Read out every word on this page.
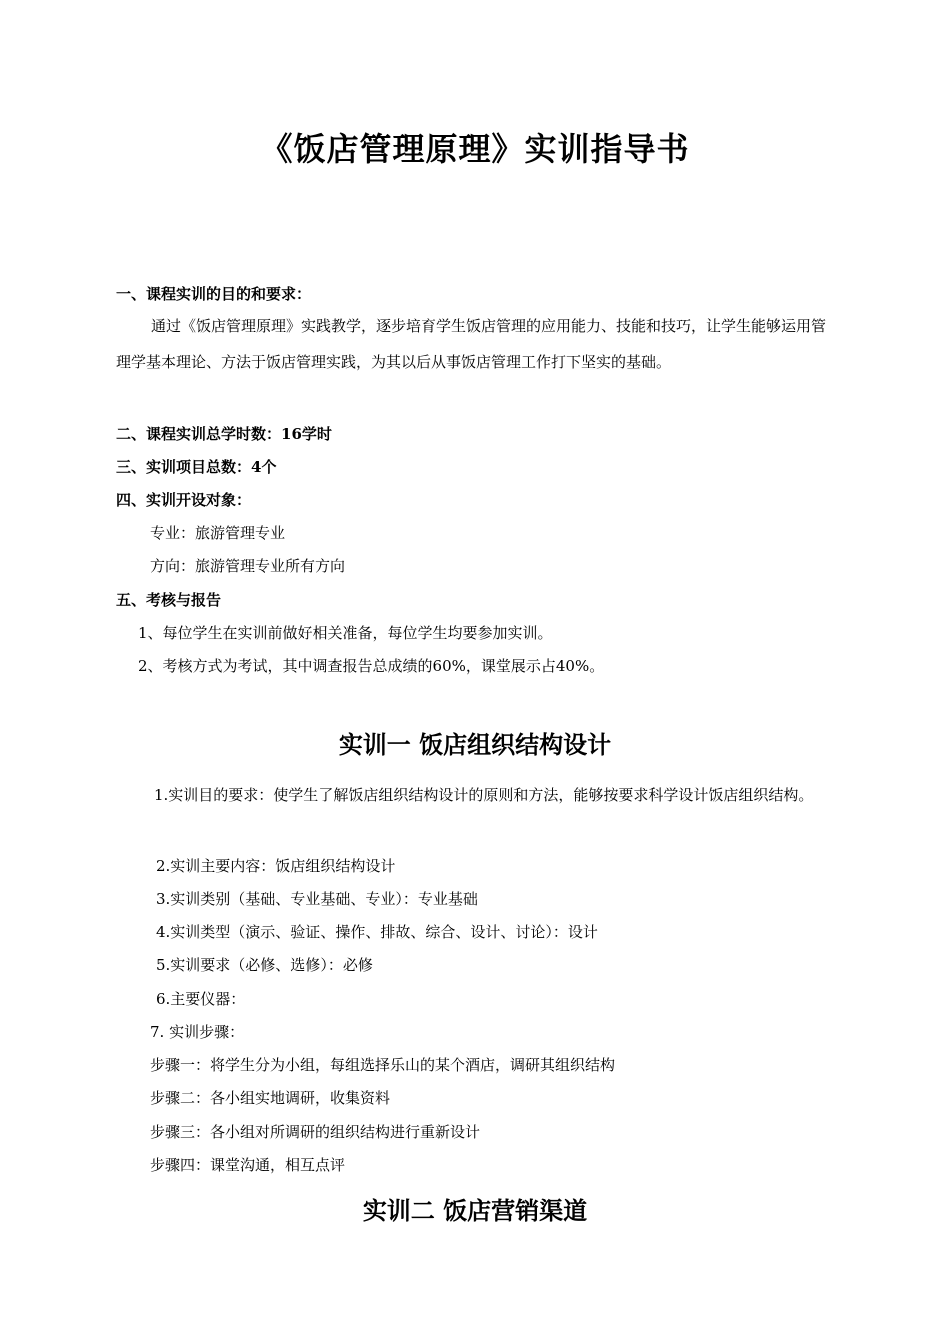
《饭店管理原理》实训指导书
一、课程实训的目的和要求：
通过《饭店管理原理》实践教学，逐步培育学生饭店管理的应用能力、技能和技巧，让学生能够运用管理学基本理论、方法于饭店管理实践，为其以后从事饭店管理工作打下坚实的基础。
二、课程实训总学时数：16学时
三、实训项目总数：4个
四、实训开设对象：
专业：旅游管理专业
方向：旅游管理专业所有方向
五、考核与报告
1、每位学生在实训前做好相关准备，每位学生均要参加实训。
2、考核方式为考试，其中调查报告总成绩的60%，课堂展示占40%。
实训一 饭店组织结构设计
1.实训目的要求：使学生了解饭店组织结构设计的原则和方法，能够按要求科学设计饭店组织结构。
2.实训主要内容：饭店组织结构设计
3.实训类别（基础、专业基础、专业）：专业基础
4.实训类型（演示、验证、操作、排故、综合、设计、讨论）：设计
5.实训要求（必修、选修）：必修
6.主要仪器：
7. 实训步骤：
步骤一：将学生分为小组，每组选择乐山的某个酒店，调研其组织结构
步骤二：各小组实地调研，收集资料
步骤三：各小组对所调研的组织结构进行重新设计
步骤四：课堂沟通，相互点评
实训二 饭店营销渠道
